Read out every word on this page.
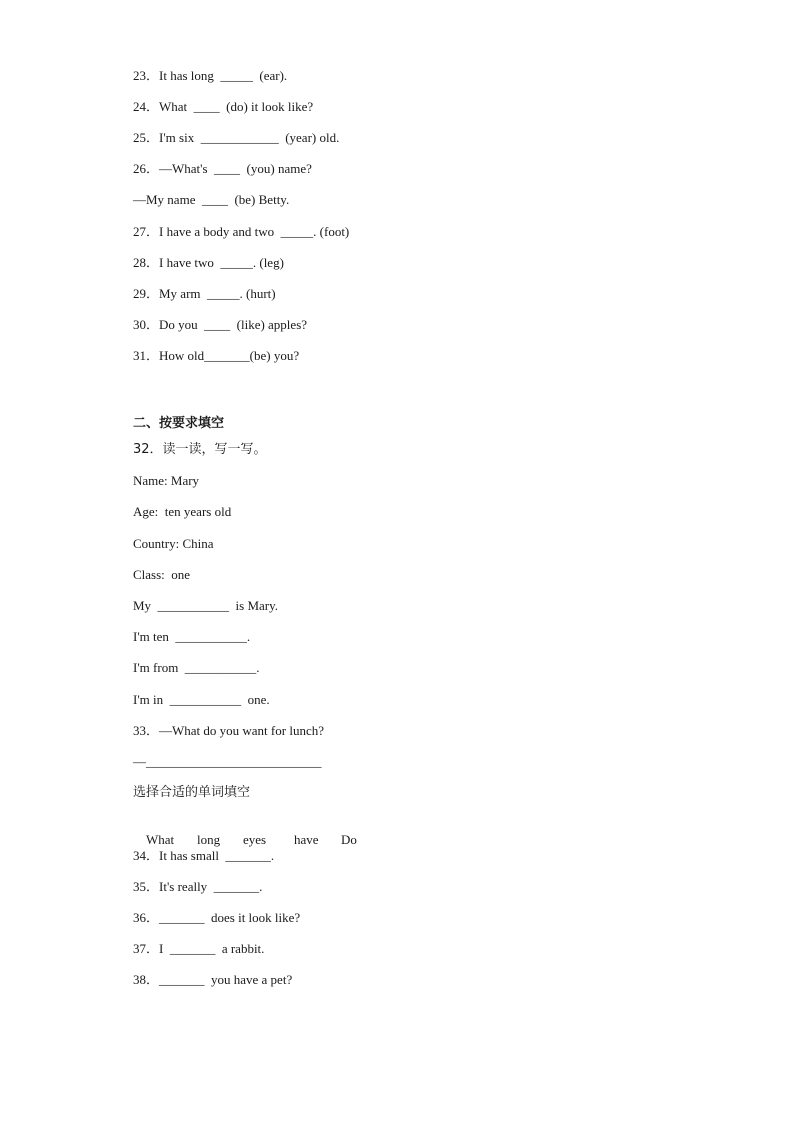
23．It has long  _____  (ear).
24．What  ____  (do) it look like?
25．I'm six  ____________  (year) old.
26．—What's  ____  (you) name?
—My name  ____  (be) Betty.
27．I have a body and two  _____. (foot)
28．I have two  _____. (leg)
29．My arm  _____. (hurt)
30．Do you  ____  (like) apples?
31．How old_______(be) you?
二、按要求填空
32．读一读，写一写。
Name: Mary
Age:  ten years old
Country: China
Class:  one
My  ___________  is Mary.
I'm ten  ___________.
I'm from  ___________.
I'm in  ___________  one.
33．—What do you want for lunch?
—___________________________
选择合适的单词填空

What long eyes have Do

34．It has small  _______.
35．It's really  _______.
36．_______  does it look like?
37．I  _______  a rabbit.
38．_______  you have a pet?
